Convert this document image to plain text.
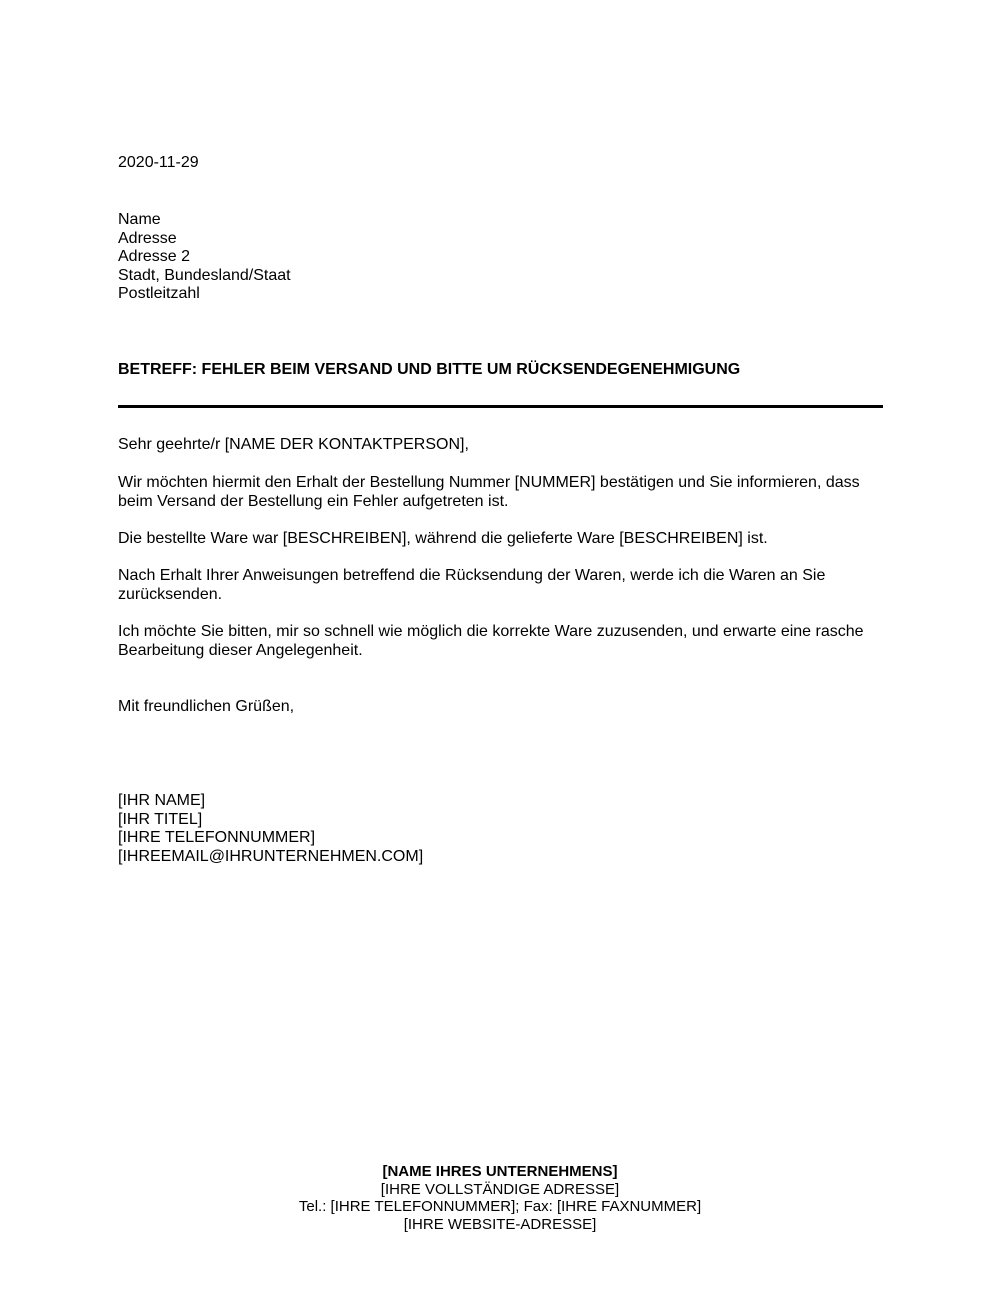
2020-11-29

Name
Adresse
Adresse 2
Stadt, Bundesland/Staat
Postleitzahl

BETREFF: FEHLER BEIM VERSAND UND BITTE UM RÜCKSENDEGENEHMIGUNG

Sehr geehrte/r [NAME DER KONTAKTPERSON],

Wir möchten hiermit den Erhalt der Bestellung Nummer [NUMMER] bestätigen und Sie informieren, dass
beim Versand der Bestellung ein Fehler aufgetreten ist.
Die bestellte Ware war [BESCHREIBEN], während die gelieferte Ware [BESCHREIBEN] ist.
Nach Erhalt Ihrer Anweisungen betreffend die Rücksendung der Waren, werde ich die Waren an Sie
zurücksenden.
Ich möchte Sie bitten, mir so schnell wie möglich die korrekte Ware zuzusenden, und erwarte eine rasche
Bearbeitung dieser Angelegenheit.

Mit freundlichen Grüßen,

[IHR NAME]
[IHR TITEL]
[IHRE TELEFONNUMMER]
[IHREEMAIL@IHRUNTERNEHMEN.COM]
[NAME IHRES UNTERNEHMENS]
[IHRE VOLLSTÄNDIGE ADRESSE]
Tel.: [IHRE TELEFONNUMMER]; Fax: [IHRE FAXNUMMER]
[IHRE WEBSITE-ADRESSE]
